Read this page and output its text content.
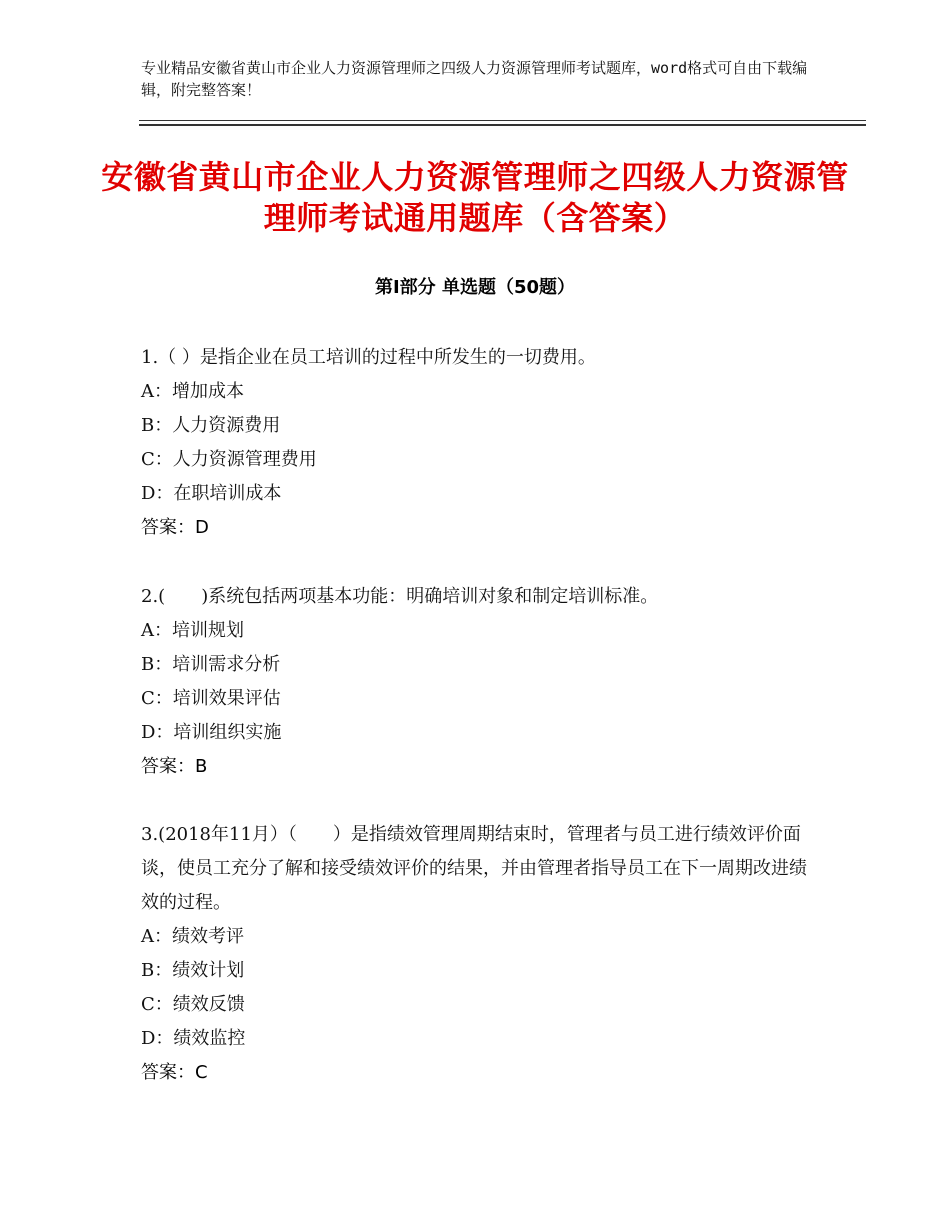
专业精品安徽省黄山市企业人力资源管理师之四级人力资源管理师考试题库，word格式可自由下载编辑，附完整答案！
安徽省黄山市企业人力资源管理师之四级人力资源管理师考试通用题库（含答案）
第Ⅰ部分 单选题（50题）

1.（ ）是指企业在员工培训的过程中所发生的一切费用。

A：增加成本

B：人力资源费用

C：人力资源管理费用

D：在职培训成本

答案：D

2.(　　)系统包括两项基本功能：明确培训对象和制定培训标准。

A：培训规划

B：培训需求分析

C：培训效果评估

D：培训组织实施

答案：B

3.(2018年11月）（　　）是指绩效管理周期结束时，管理者与员工进行绩效评价面谈，使员工充分了解和接受绩效评价的结果，并由管理者指导员工在下一周期改进绩效的过程。

A：绩效考评

B：绩效计划

C：绩效反馈

D：绩效监控

答案：C
